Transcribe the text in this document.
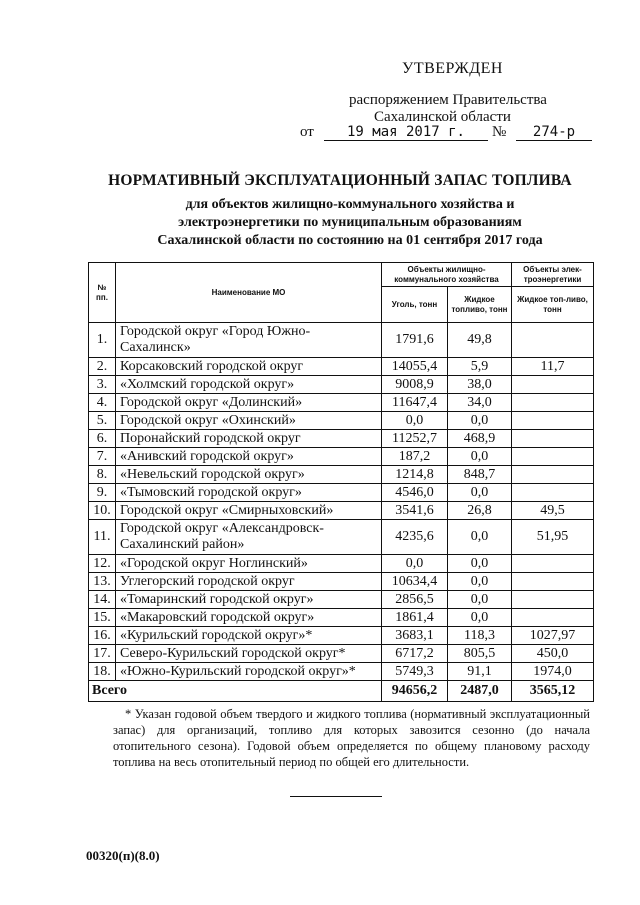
УТВЕРЖДЕН
распоряжением Правительства
Сахалинской области
от	19 мая 2017 г.	№	274-р
НОРМАТИВНЫЙ ЭКСПЛУАТАЦИОННЫЙ ЗАПАС ТОПЛИВА
для объектов жилищно-коммунального хозяйства и
электроэнергетики по муниципальным образованиям
Сахалинской области по состоянию на 01 сентября 2017 года
№ пп.	Наименование МО	Объекты жилищно-коммунального хозяйства		Объекты элек-троэнергетики
		Уголь, тонн	Жидкое топливо, тонн	Жидкое топ-ливо, тонн
1.	Городской округ «Город Южно-Сахалинск»	1791,6	49,8	
2.	Корсаковский городской округ	14055,4	5,9	11,7
3.	«Холмский городской округ»	9008,9	38,0	
4.	Городской округ «Долинский»	11647,4	34,0	
5.	Городской округ «Охинский»	0,0	0,0	
6.	Поронайский городской округ	11252,7	468,9	
7.	«Анивский городской округ»	187,2	0,0	
8.	«Невельский городской округ»	1214,8	848,7	
9.	«Тымовский городской округ»	4546,0	0,0	
10.	Городской округ «Смирныховский»	3541,6	26,8	49,5
11.	Городской округ «Александровск-Сахалинский район»	4235,6	0,0	51,95
12.	«Городской округ Ноглинский»	0,0	0,0	
13.	Углегорский городской округ	10634,4	0,0	
14.	«Томаринский городской округ»	2856,5	0,0	
15.	«Макаровский городской округ»	1861,4	0,0	
16.	«Курильский городской округ»*	3683,1	118,3	1027,97
17.	Северо-Курильский городской округ*	6717,2	805,5	450,0
18.	«Южно-Курильский городской округ»*	5749,3	91,1	1974,0
Всего		94656,2	2487,0	3565,12
* Указан годовой объем твердого и жидкого топлива (нормативный эксплуатационный запас) для организаций, топливо для которых завозится сезонно (до начала отопительного сезона). Годовой объем определяется по общему плановому расходу топлива на весь отопительный период по общей его длительности.
00320(п)(8.0)
